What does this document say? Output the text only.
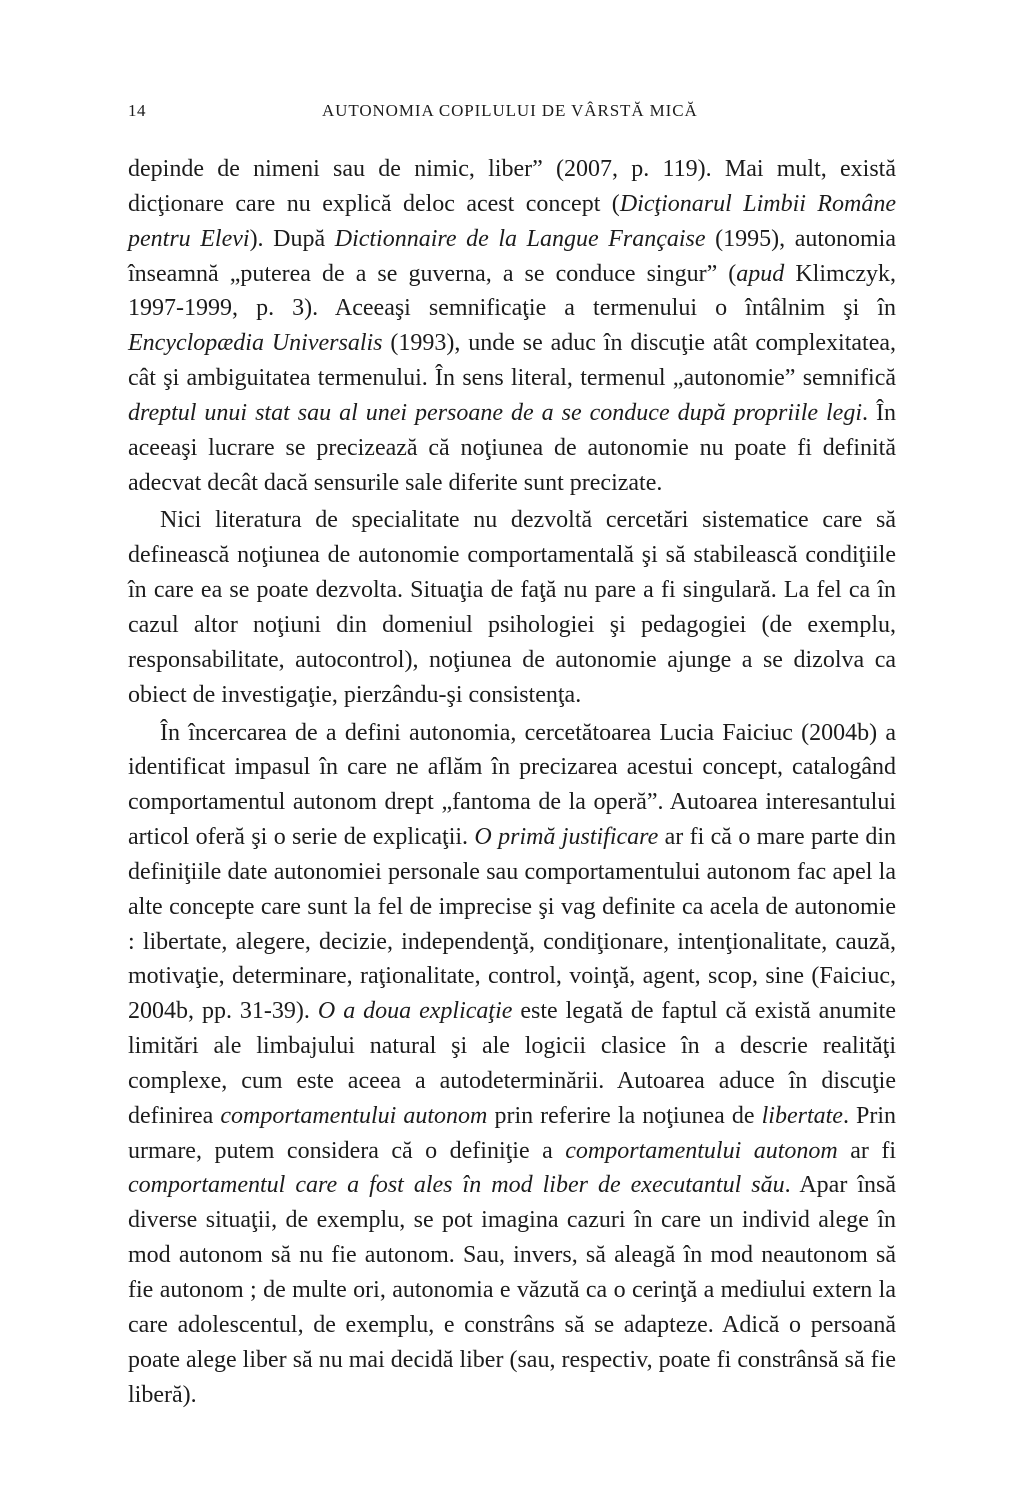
14	AUTONOMIA COPILULUI DE VÂRSTĂ MICĂ

depinde de nimeni sau de nimic, liber” (2007, p. 119). Mai mult, există dicţionare care nu explică deloc acest concept (Dicţionarul Limbii Române pentru Elevi). După Dictionnaire de la Langue Française (1995), autonomia înseamnă „puterea de a se guverna, a se conduce singur” (apud Klimczyk, 1997-1999, p. 3). Aceeaşi semnificaţie a termenului o întâlnim şi în Encyclopædia Universalis (1993), unde se aduc în discuţie atât complexitatea, cât şi ambiguitatea termenului. În sens literal, termenul „autonomie” semnifică dreptul unui stat sau al unei persoane de a se conduce după propriile legi. În aceeaşi lucrare se precizează că noţiunea de autonomie nu poate fi definită adecvat decât dacă sensurile sale diferite sunt precizate.

Nici literatura de specialitate nu dezvoltă cercetări sistematice care să definească noţiunea de autonomie comportamentală şi să stabilească condiţiile în care ea se poate dezvolta. Situaţia de faţă nu pare a fi singulară. La fel ca în cazul altor noţiuni din domeniul psihologiei şi pedagogiei (de exemplu, responsabilitate, autocontrol), noţiunea de autonomie ajunge a se dizolva ca obiect de investigaţie, pierzându-şi consistenţa.

În încercarea de a defini autonomia, cercetătoarea Lucia Faiciuc (2004b) a identificat impasul în care ne aflăm în precizarea acestui concept, catalogând comportamentul autonom drept „fantoma de la operă”. Autoarea interesantului articol oferă şi o serie de explicaţii. O primă justificare ar fi că o mare parte din definiţiile date autonomiei personale sau comportamentului autonom fac apel la alte concepte care sunt la fel de imprecise şi vag definite ca acela de autonomie : libertate, alegere, decizie, independenţă, condiţionare, intenţionalitate, cauză, motivaţie, determinare, raţionalitate, control, voinţă, agent, scop, sine (Faiciuc, 2004b, pp. 31-39). O a doua explicaţie este legată de faptul că există anumite limitări ale limbajului natural şi ale logicii clasice în a descrie realităţi complexe, cum este aceea a autodeterminării. Autoarea aduce în discuţie definirea comportamentului autonom prin referire la noţiunea de libertate. Prin urmare, putem considera că o definiţie a comportamentului autonom ar fi comportamentul care a fost ales în mod liber de executantul său. Apar însă diverse situaţii, de exemplu, se pot imagina cazuri în care un individ alege în mod autonom să nu fie autonom. Sau, invers, să aleagă în mod neautonom să fie autonom ; de multe ori, autonomia e văzută ca o cerinţă a mediului extern la care adolescentul, de exemplu, e constrâns să se adapteze. Adică o persoană poate alege liber să nu mai decidă liber (sau, respectiv, poate fi constrânsă să fie liberă).
